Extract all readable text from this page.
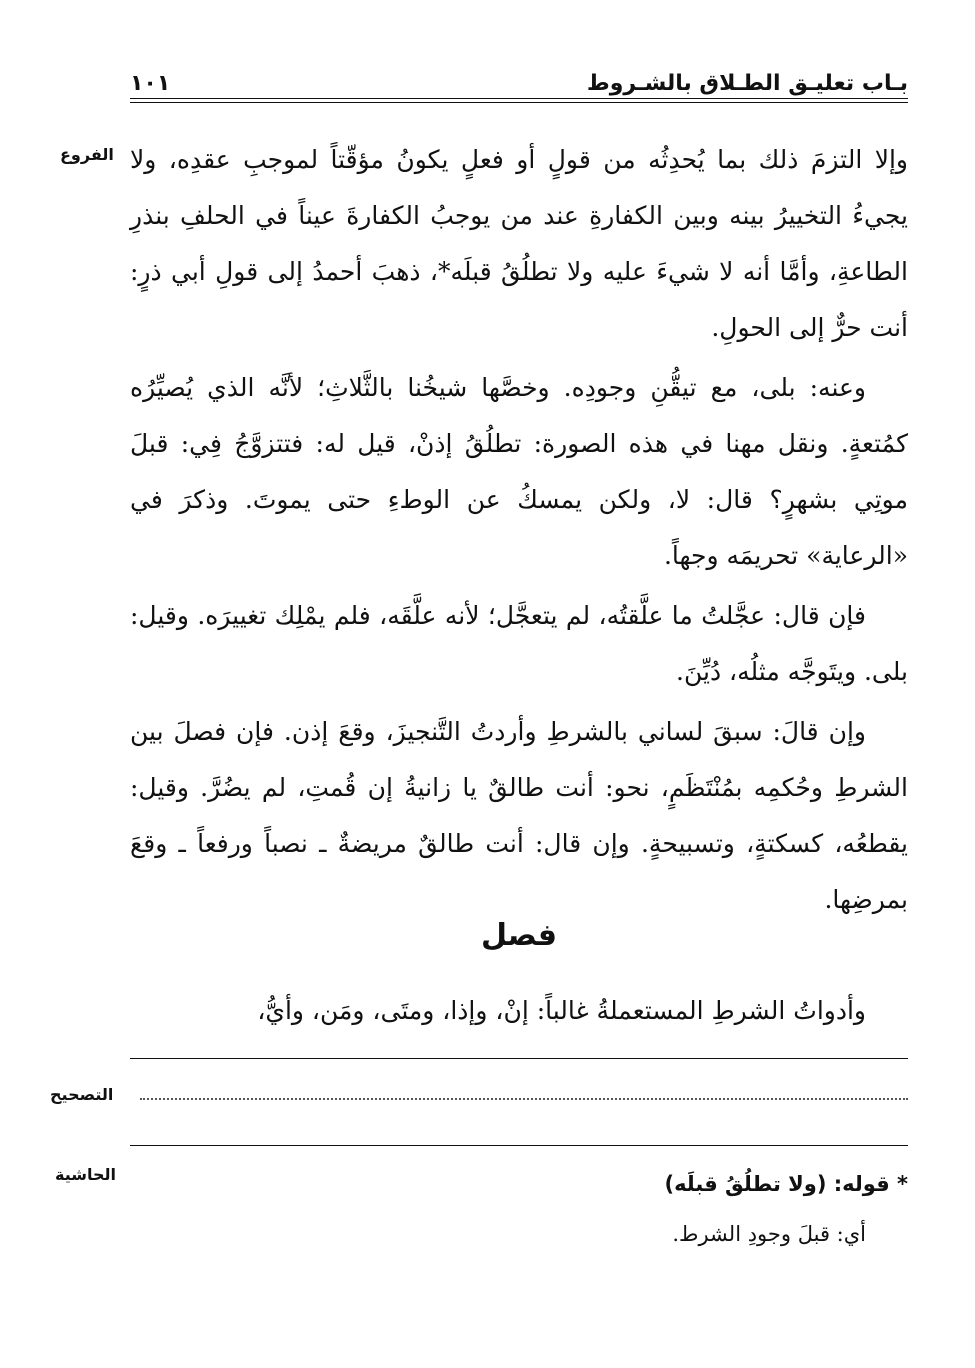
بـاب تعليـق الطـلاق بالشـروط
١٠١
الفروع وإلا التزمَ ذلك بما يُحدِثُه من قولٍ أو فعلٍ يكونُ مؤقّتاً لموجبِ عقدِه، ولا يجيءُ التخييرُ بينه وبين الكفارةِ عند من يوجبُ الكفارةَ عيناً في الحلفِ بنذرِ الطاعةِ، وأمَّا أنه لا شيءَ عليه ولا تطلُقُ قبلَه*، ذهبَ أحمدُ إلى قولِ أبي ذرٍ: أنت حرٌّ إلى الحولِ.

وعنه: بلى، مع تيقُّنِ وجودِه. وخصَّها شيخُنا بالثَّلاثِ؛ لأنَّه الذي يُصيِّرُه كمُتعةٍ. ونقل مهنا في هذه الصورة: تطلُقُ إذنْ، قيل له: فتتزوَّجُ فِي: قبلَ موتِي بشهرٍ؟ قال: لا، ولكن يمسكُ عن الوطءِ حتى يموتَ. وذكرَ في «الرعاية» تحريمَه وجهاً.

فإن قال: عجَّلتُ ما علَّقتُه، لم يتعجَّل؛ لأنه علَّقَه، فلم يمْلِك تغييرَه. وقيل: بلى. ويتَوجَّه مثلُه، دُيِّنَ.

وإن قالَ: سبقَ لساني بالشرطِ وأردتُ التَّنجيزَ، وقعَ إذن. فإن فصلَ بين الشرطِ وحُكمِه بمُنْتَظَمٍ، نحو: أنت طالقٌ يا زانيةُ إن قُمتِ، لم يضُرَّ. وقيل: يقطعُه، كسكتةٍ، وتسبيحةٍ. وإن قال: أنت طالقٌ مريضةٌ ـ نصباً ورفعاً ـ وقعَ بمرضِها.

فصل
وأدواتُ الشرطِ المستعملةُ غالباً: إنْ، وإذا، ومتَى، ومَن، وأيُّ،
التصحيح
الحاشية	* قوله: (ولا تطلُقُ قبلَه)
أي: قبلَ وجودِ الشرط.
